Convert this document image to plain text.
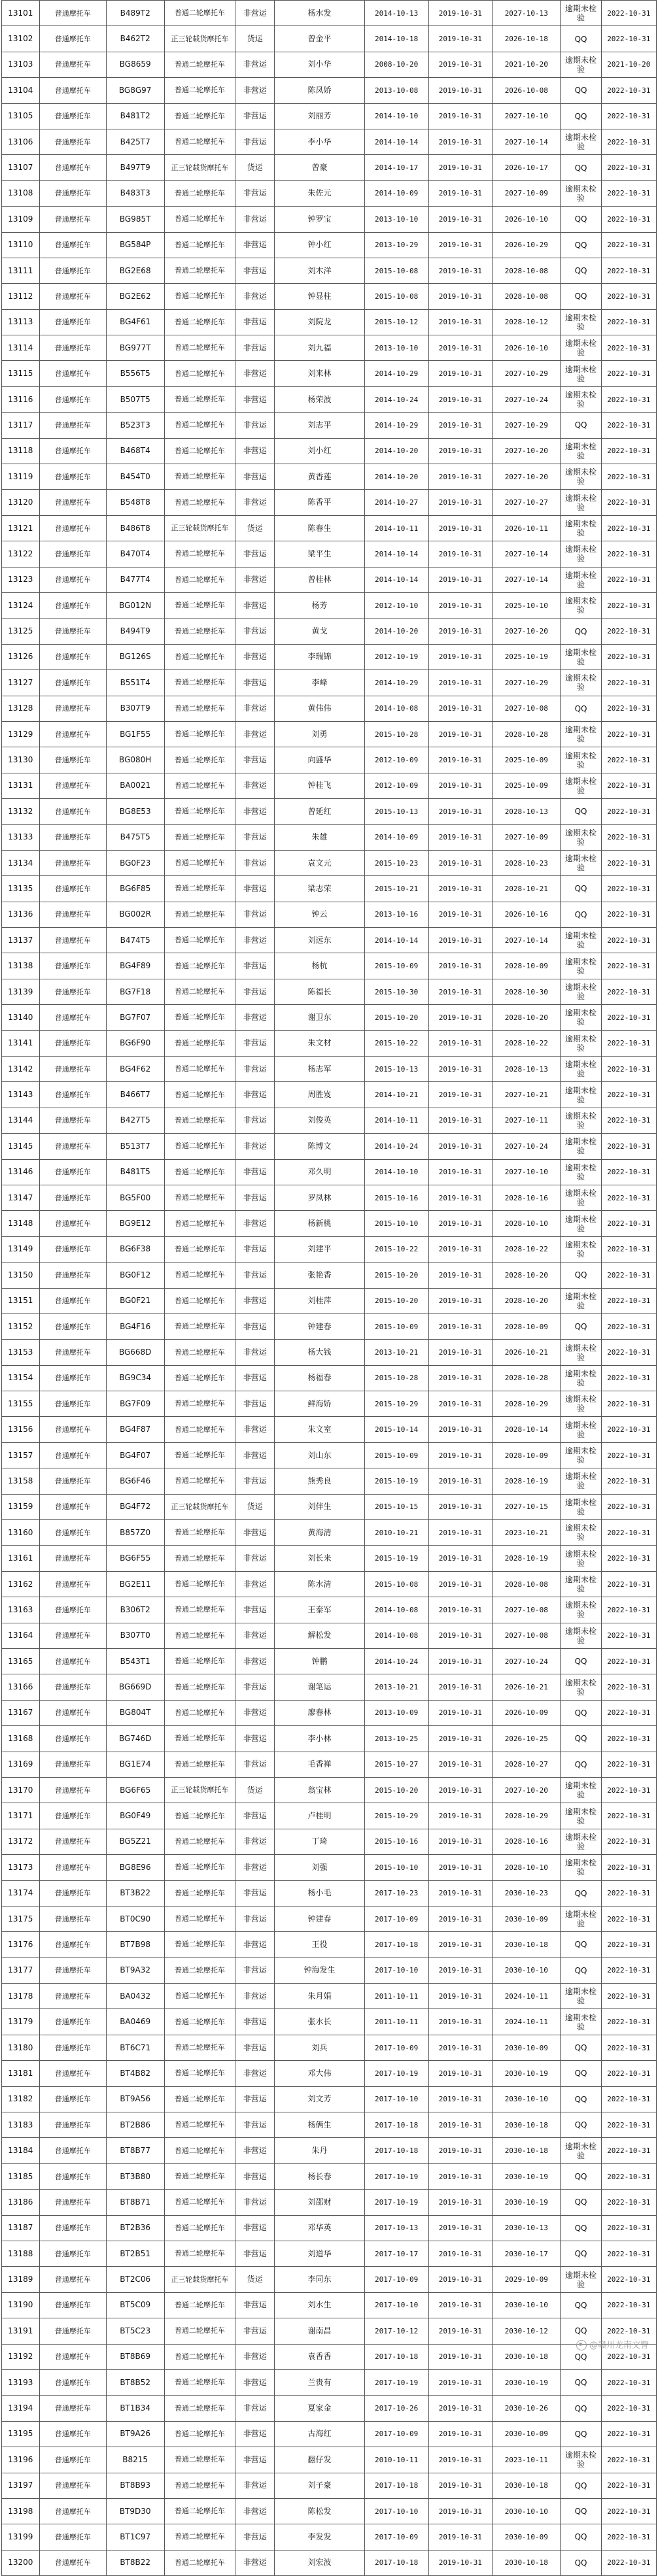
13101	普通摩托车	B489T2	普通二轮摩托车	非营运	杨水发	2014-10-13	2019-10-31	2027-10-13	逾期未检验	2022-10-31
13102	普通摩托车	B462T2	正三轮载货摩托车	货运	曾金平	2014-10-18	2019-10-31	2026-10-18	QQ	2022-10-31
13103	普通摩托车	BG8659	普通二轮摩托车	非营运	刘小华	2008-10-20	2019-10-31	2021-10-20	逾期未检验	2021-10-20
13104	普通摩托车	BG8G97	普通二轮摩托车	非营运	陈凤娇	2013-10-08	2019-10-31	2026-10-08	QQ	2022-10-31
13105	普通摩托车	B481T2	普通二轮摩托车	非营运	刘丽芳	2014-10-10	2019-10-31	2027-10-10	QQ	2022-10-31
13106	普通摩托车	B425T7	普通二轮摩托车	非营运	李小华	2014-10-14	2019-10-31	2027-10-14	逾期未检验	2022-10-31
13107	普通摩托车	B497T9	正三轮载货摩托车	货运	曾豪	2014-10-17	2019-10-31	2026-10-17	QQ	2022-10-31
13108	普通摩托车	B483T3	普通二轮摩托车	非营运	朱佐元	2014-10-09	2019-10-31	2027-10-09	逾期未检验	2022-10-31
13109	普通摩托车	BG985T	普通二轮摩托车	非营运	钟罗宝	2013-10-10	2019-10-31	2026-10-10	QQ	2022-10-31
13110	普通摩托车	BG584P	普通二轮摩托车	非营运	钟小红	2013-10-29	2019-10-31	2026-10-29	QQ	2022-10-31
13111	普通摩托车	BG2E68	普通二轮摩托车	非营运	刘木洋	2015-10-08	2019-10-31	2028-10-08	QQ	2022-10-31
13112	普通摩托车	BG2E62	普通二轮摩托车	非营运	钟显柱	2015-10-08	2019-10-31	2028-10-08	QQ	2022-10-31
13113	普通摩托车	BG4F61	普通二轮摩托车	非营运	刘院龙	2015-10-12	2019-10-31	2028-10-12	逾期未检验	2022-10-31
13114	普通摩托车	BG977T	普通二轮摩托车	非营运	刘九福	2013-10-10	2019-10-31	2026-10-10	逾期未检验	2022-10-31
13115	普通摩托车	B556T5	普通二轮摩托车	非营运	刘来林	2014-10-29	2019-10-31	2027-10-29	逾期未检验	2022-10-31
13116	普通摩托车	B507T5	普通二轮摩托车	非营运	杨荣波	2014-10-24	2019-10-31	2027-10-24	逾期未检验	2022-10-31
13117	普通摩托车	B523T3	普通二轮摩托车	非营运	刘志平	2014-10-29	2019-10-31	2027-10-29	QQ	2022-10-31
13118	普通摩托车	B468T4	普通二轮摩托车	非营运	刘小红	2014-10-20	2019-10-31	2027-10-20	逾期未检验	2022-10-31
13119	普通摩托车	B454T0	普通二轮摩托车	非营运	黄香莲	2014-10-20	2019-10-31	2027-10-20	逾期未检验	2022-10-31
13120	普通摩托车	B548T8	普通二轮摩托车	非营运	陈香平	2014-10-27	2019-10-31	2027-10-27	逾期未检验	2022-10-31
13121	普通摩托车	B486T8	正三轮载货摩托车	货运	陈春生	2014-10-11	2019-10-31	2026-10-11	逾期未检验	2022-10-31
13122	普通摩托车	B470T4	普通二轮摩托车	非营运	梁平生	2014-10-14	2019-10-31	2027-10-14	逾期未检验	2022-10-31
13123	普通摩托车	B477T4	普通二轮摩托车	非营运	曾桂林	2014-10-14	2019-10-31	2027-10-14	逾期未检验	2022-10-31
13124	普通摩托车	BG012N	普通二轮摩托车	非营运	杨芳	2012-10-10	2019-10-31	2025-10-10	逾期未检验	2022-10-31
13125	普通摩托车	B494T9	普通二轮摩托车	非营运	黄戈	2014-10-20	2019-10-31	2027-10-20	QQ	2022-10-31
13126	普通摩托车	BG126S	普通二轮摩托车	非营运	李瑞锦	2012-10-19	2019-10-31	2025-10-19	逾期未检验	2022-10-31
13127	普通摩托车	B551T4	普通二轮摩托车	非营运	李峰	2014-10-29	2019-10-31	2027-10-29	逾期未检验	2022-10-31
13128	普通摩托车	B307T9	普通二轮摩托车	非营运	黄伟伟	2014-10-08	2019-10-31	2027-10-08	QQ	2022-10-31
13129	普通摩托车	BG1F55	普通二轮摩托车	非营运	刘勇	2015-10-28	2019-10-31	2028-10-28	逾期未检验	2022-10-31
13130	普通摩托车	BG080H	普通二轮摩托车	非营运	向盛华	2012-10-09	2019-10-31	2025-10-09	逾期未检验	2022-10-31
13131	普通摩托车	BA0021	普通二轮摩托车	非营运	钟桂飞	2012-10-09	2019-10-31	2025-10-09	逾期未检验	2022-10-31
13132	普通摩托车	BG8E53	普通二轮摩托车	非营运	曾延红	2015-10-13	2019-10-31	2028-10-13	QQ	2022-10-31
13133	普通摩托车	B475T5	普通二轮摩托车	非营运	朱雄	2014-10-09	2019-10-31	2027-10-09	逾期未检验	2022-10-31
13134	普通摩托车	BG0F23	普通二轮摩托车	非营运	袁文元	2015-10-23	2019-10-31	2028-10-23	逾期未检验	2022-10-31
13135	普通摩托车	BG6F85	普通二轮摩托车	非营运	梁志荣	2015-10-21	2019-10-31	2028-10-21	QQ	2022-10-31
13136	普通摩托车	BG002R	普通二轮摩托车	非营运	钟云	2013-10-16	2019-10-31	2026-10-16	QQ	2022-10-31
13137	普通摩托车	B474T5	普通二轮摩托车	非营运	刘远东	2014-10-14	2019-10-31	2027-10-14	逾期未检验	2022-10-31
13138	普通摩托车	BG4F89	普通二轮摩托车	非营运	杨杭	2015-10-09	2019-10-31	2028-10-09	逾期未检验	2022-10-31
13139	普通摩托车	BG7F18	普通二轮摩托车	非营运	陈福长	2015-10-30	2019-10-31	2028-10-30	逾期未检验	2022-10-31
13140	普通摩托车	BG7F07	普通二轮摩托车	非营运	谢卫东	2015-10-20	2019-10-31	2028-10-20	逾期未检验	2022-10-31
13141	普通摩托车	BG6F90	普通二轮摩托车	非营运	朱文材	2015-10-22	2019-10-31	2028-10-22	逾期未检验	2022-10-31
13142	普通摩托车	BG4F62	普通二轮摩托车	非营运	杨志军	2015-10-13	2019-10-31	2028-10-13	逾期未检验	2022-10-31
13143	普通摩托车	B466T7	普通二轮摩托车	非营运	周胜岌	2014-10-21	2019-10-31	2027-10-21	逾期未检验	2022-10-31
13144	普通摩托车	B427T5	普通二轮摩托车	非营运	刘俊英	2014-10-11	2019-10-31	2027-10-11	逾期未检验	2022-10-31
13145	普通摩托车	B513T7	普通二轮摩托车	非营运	陈博文	2014-10-24	2019-10-31	2027-10-24	逾期未检验	2022-10-31
13146	普通摩托车	B481T5	普通二轮摩托车	非营运	邓久明	2014-10-10	2019-10-31	2027-10-10	逾期未检验	2022-10-31
13147	普通摩托车	BG5F00	普通二轮摩托车	非营运	罗凤林	2015-10-16	2019-10-31	2028-10-16	逾期未检验	2022-10-31
13148	普通摩托车	BG9E12	普通二轮摩托车	非营运	杨新桃	2015-10-10	2019-10-31	2028-10-10	逾期未检验	2022-10-31
13149	普通摩托车	BG6F38	普通二轮摩托车	非营运	刘建平	2015-10-22	2019-10-31	2028-10-22	逾期未检验	2022-10-31
13150	普通摩托车	BG0F12	普通二轮摩托车	非营运	张艳香	2015-10-20	2019-10-31	2028-10-20	QQ	2022-10-31
13151	普通摩托车	BG0F21	普通二轮摩托车	非营运	刘桂萍	2015-10-20	2019-10-31	2028-10-20	逾期未检验	2022-10-31
13152	普通摩托车	BG4F16	普通二轮摩托车	非营运	钟建春	2015-10-09	2019-10-31	2028-10-09	QQ	2022-10-31
13153	普通摩托车	BG668D	普通二轮摩托车	非营运	杨大钱	2013-10-21	2019-10-31	2026-10-21	逾期未检验	2022-10-31
13154	普通摩托车	BG9C34	普通二轮摩托车	非营运	杨福春	2015-10-28	2019-10-31	2028-10-28	逾期未检验	2022-10-31
13155	普通摩托车	BG7F09	普通二轮摩托车	非营运	鲜海娇	2015-10-29	2019-10-31	2028-10-29	逾期未检验	2022-10-31
13156	普通摩托车	BG4F87	普通二轮摩托车	非营运	朱文室	2015-10-14	2019-10-31	2028-10-14	逾期未检验	2022-10-31
13157	普通摩托车	BG4F07	普通二轮摩托车	非营运	刘山东	2015-10-09	2019-10-31	2028-10-09	逾期未检验	2022-10-31
13158	普通摩托车	BG6F46	普通二轮摩托车	非营运	熊秀良	2015-10-19	2019-10-31	2028-10-19	逾期未检验	2022-10-31
13159	普通摩托车	BG4F72	正三轮载货摩托车	货运	刘伴生	2015-10-15	2019-10-31	2027-10-15	逾期未检验	2022-10-31
13160	普通摩托车	B857Z0	普通二轮摩托车	非营运	黄海清	2010-10-21	2019-10-31	2023-10-21	逾期未检验	2022-10-31
13161	普通摩托车	BG6F55	普通二轮摩托车	非营运	刘长来	2015-10-19	2019-10-31	2028-10-19	逾期未检验	2022-10-31
13162	普通摩托车	BG2E11	普通二轮摩托车	非营运	陈水清	2015-10-08	2019-10-31	2028-10-08	逾期未检验	2022-10-31
13163	普通摩托车	B306T2	普通二轮摩托车	非营运	王泰军	2014-10-08	2019-10-31	2027-10-08	逾期未检验	2022-10-31
13164	普通摩托车	B307T0	普通二轮摩托车	非营运	解松发	2014-10-08	2019-10-31	2027-10-08	逾期未检验	2022-10-31
13165	普通摩托车	B543T1	普通二轮摩托车	非营运	钟鹏	2014-10-24	2019-10-31	2027-10-24	QQ	2022-10-31
13166	普通摩托车	BG669D	普通二轮摩托车	非营运	谢笔运	2013-10-21	2019-10-31	2026-10-21	逾期未检验	2022-10-31
13167	普通摩托车	BG804T	普通二轮摩托车	非营运	廖春林	2013-10-09	2019-10-31	2026-10-09	QQ	2022-10-31
13168	普通摩托车	BG746D	普通二轮摩托车	非营运	李小林	2013-10-25	2019-10-31	2026-10-25	QQ	2022-10-31
13169	普通摩托车	BG1E74	普通二轮摩托车	非营运	毛香禅	2015-10-27	2019-10-31	2028-10-27	QQ	2022-10-31
13170	普通摩托车	BG6F65	正三轮载货摩托车	货运	翁宝林	2015-10-20	2019-10-31	2027-10-20	逾期未检验	2022-10-31
13171	普通摩托车	BG0F49	普通二轮摩托车	非营运	卢桂明	2015-10-29	2019-10-31	2028-10-29	逾期未检验	2022-10-31
13172	普通摩托车	BG5Z21	普通二轮摩托车	非营运	丁琦	2015-10-16	2019-10-31	2028-10-16	逾期未检验	2022-10-31
13173	普通摩托车	BG8E96	普通二轮摩托车	非营运	刘强	2015-10-10	2019-10-31	2028-10-10	逾期未检验	2022-10-31
13174	普通摩托车	BT3B22	普通二轮摩托车	非营运	杨小毛	2017-10-23	2019-10-31	2030-10-23	QQ	2022-10-31
13175	普通摩托车	BT0C90	普通二轮摩托车	非营运	钟建春	2017-10-09	2019-10-31	2030-10-09	逾期未检验	2022-10-31
13176	普通摩托车	BT7B98	普通二轮摩托车	非营运	王役	2017-10-18	2019-10-31	2030-10-18	QQ	2022-10-31
13177	普通摩托车	BT9A32	普通二轮摩托车	非营运	钟海发生	2017-10-10	2019-10-31	2030-10-10	QQ	2022-10-31
13178	普通摩托车	BA0432	普通二轮摩托车	非营运	朱月娟	2011-10-11	2019-10-31	2024-10-11	逾期未检验	2022-10-31
13179	普通摩托车	BA0469	普通二轮摩托车	非营运	张水长	2011-10-11	2019-10-31	2024-10-11	逾期未检验	2022-10-31
13180	普通摩托车	BT6C71	普通二轮摩托车	非营运	刘兵	2017-10-09	2019-10-31	2030-10-09	QQ	2022-10-31
13181	普通摩托车	BT4B82	普通二轮摩托车	非营运	邓大伟	2017-10-19	2019-10-31	2030-10-19	QQ	2022-10-31
13182	普通摩托车	BT9A56	普通二轮摩托车	非营运	刘文芳	2017-10-10	2019-10-31	2030-10-10	QQ	2022-10-31
13183	普通摩托车	BT2B86	普通二轮摩托车	非营运	杨俩生	2017-10-18	2019-10-31	2030-10-18	QQ	2022-10-31
13184	普通摩托车	BT8B77	普通二轮摩托车	非营运	朱丹	2017-10-18	2019-10-31	2030-10-18	逾期未检验	2022-10-31
13185	普通摩托车	BT3B80	普通二轮摩托车	非营运	杨长春	2017-10-19	2019-10-31	2030-10-19	QQ	2022-10-31
13186	普通摩托车	BT8B71	普通二轮摩托车	非营运	刘邵财	2017-10-19	2019-10-31	2030-10-19	QQ	2022-10-31
13187	普通摩托车	BT2B36	普通二轮摩托车	非营运	邓华英	2017-10-13	2019-10-31	2030-10-13	QQ	2022-10-31
13188	普通摩托车	BT2B51	普通二轮摩托车	非营运	刘道华	2017-10-17	2019-10-31	2030-10-17	QQ	2022-10-31
13189	普通摩托车	BT2C06	正三轮载货摩托车	货运	李同东	2017-10-09	2019-10-31	2029-10-09	逾期未检验	2022-10-31
13190	普通摩托车	BT5C09	普通二轮摩托车	非营运	刘水生	2017-10-10	2019-10-31	2030-10-10	QQ	2022-10-31
13191	普通摩托车	BT5C23	普通二轮摩托车	非营运	谢南昌	2017-10-12	2019-10-31	2030-10-12	QQ	2022-10-31
13192	普通摩托车	BT8B69	普通二轮摩托车	非营运	袁香香	2017-10-18	2019-10-31	2030-10-18	QQ	2022-10-31
13193	普通摩托车	BT8B52	普通二轮摩托车	非营运	兰贵有	2017-10-19	2019-10-31	2030-10-19	QQ	2022-10-31
13194	普通摩托车	BT1B34	普通二轮摩托车	非营运	夏家金	2017-10-26	2019-10-31	2030-10-26	QQ	2022-10-31
13195	普通摩托车	BT9A26	普通二轮摩托车	非营运	古海红	2017-10-09	2019-10-31	2030-10-09	QQ	2022-10-31
13196	普通摩托车	B8215	普通二轮摩托车	非营运	翻仔发	2010-10-11	2019-10-31	2023-10-11	逾期未检验	2022-10-31
13197	普通摩托车	BT8B93	普通二轮摩托车	非营运	刘子豪	2017-10-18	2019-10-31	2030-10-18	QQ	2022-10-31
13198	普通摩托车	BT9D30	普通二轮摩托车	非营运	陈松发	2017-10-10	2019-10-31	2030-10-10	QQ	2022-10-31
13199	普通摩托车	BT1C97	普通二轮摩托车	非营运	李发发	2017-10-09	2019-10-31	2030-10-09	QQ	2022-10-31
13200	普通摩托车	BT8B22	普通二轮摩托车	非营运	刘宏波	2017-10-18	2019-10-31	2030-10-18	QQ	2022-10-31
@赣州龙南交警
